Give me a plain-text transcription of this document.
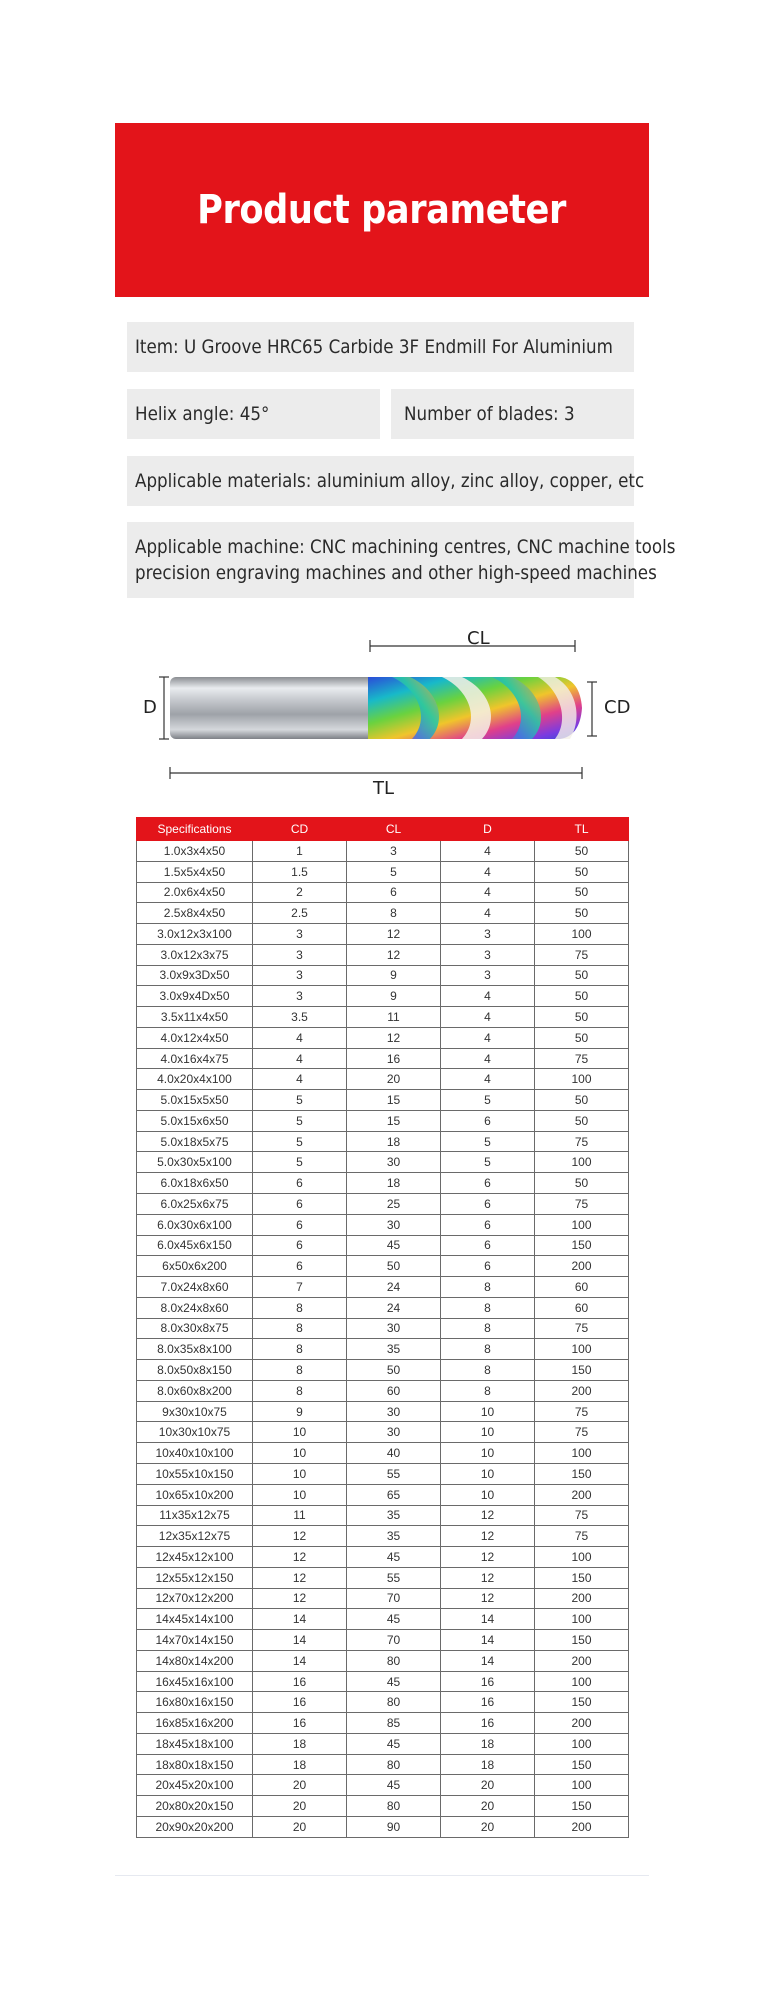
Product parameter
Item: U Groove HRC65 Carbide 3F Endmill For Aluminium
Helix angle: 45°	Number of blades: 3
Applicable materials: aluminium alloy, zinc alloy, copper, etc
Applicable machine: CNC machining centres, CNC machine tools
precision engraving machines and other high-speed machines
CL
D	CD
TL
Specifications	CD	CL	D	TL
1.0x3x4x50	1	3	4	50
1.5x5x4x50	1.5	5	4	50
2.0x6x4x50	2	6	4	50
2.5x8x4x50	2.5	8	4	50
3.0x12x3x100	3	12	3	100
3.0x12x3x75	3	12	3	75
3.0x9x3Dx50	3	9	3	50
3.0x9x4Dx50	3	9	4	50
3.5x11x4x50	3.5	11	4	50
4.0x12x4x50	4	12	4	50
4.0x16x4x75	4	16	4	75
4.0x20x4x100	4	20	4	100
5.0x15x5x50	5	15	5	50
5.0x15x6x50	5	15	6	50
5.0x18x5x75	5	18	5	75
5.0x30x5x100	5	30	5	100
6.0x18x6x50	6	18	6	50
6.0x25x6x75	6	25	6	75
6.0x30x6x100	6	30	6	100
6.0x45x6x150	6	45	6	150
6x50x6x200	6	50	6	200
7.0x24x8x60	7	24	8	60
8.0x24x8x60	8	24	8	60
8.0x30x8x75	8	30	8	75
8.0x35x8x100	8	35	8	100
8.0x50x8x150	8	50	8	150
8.0x60x8x200	8	60	8	200
9x30x10x75	9	30	10	75
10x30x10x75	10	30	10	75
10x40x10x100	10	40	10	100
10x55x10x150	10	55	10	150
10x65x10x200	10	65	10	200
11x35x12x75	11	35	12	75
12x35x12x75	12	35	12	75
12x45x12x100	12	45	12	100
12x55x12x150	12	55	12	150
12x70x12x200	12	70	12	200
14x45x14x100	14	45	14	100
14x70x14x150	14	70	14	150
14x80x14x200	14	80	14	200
16x45x16x100	16	45	16	100
16x80x16x150	16	80	16	150
16x85x16x200	16	85	16	200
18x45x18x100	18	45	18	100
18x80x18x150	18	80	18	150
20x45x20x100	20	45	20	100
20x80x20x150	20	80	20	150
20x90x20x200	20	90	20	200
